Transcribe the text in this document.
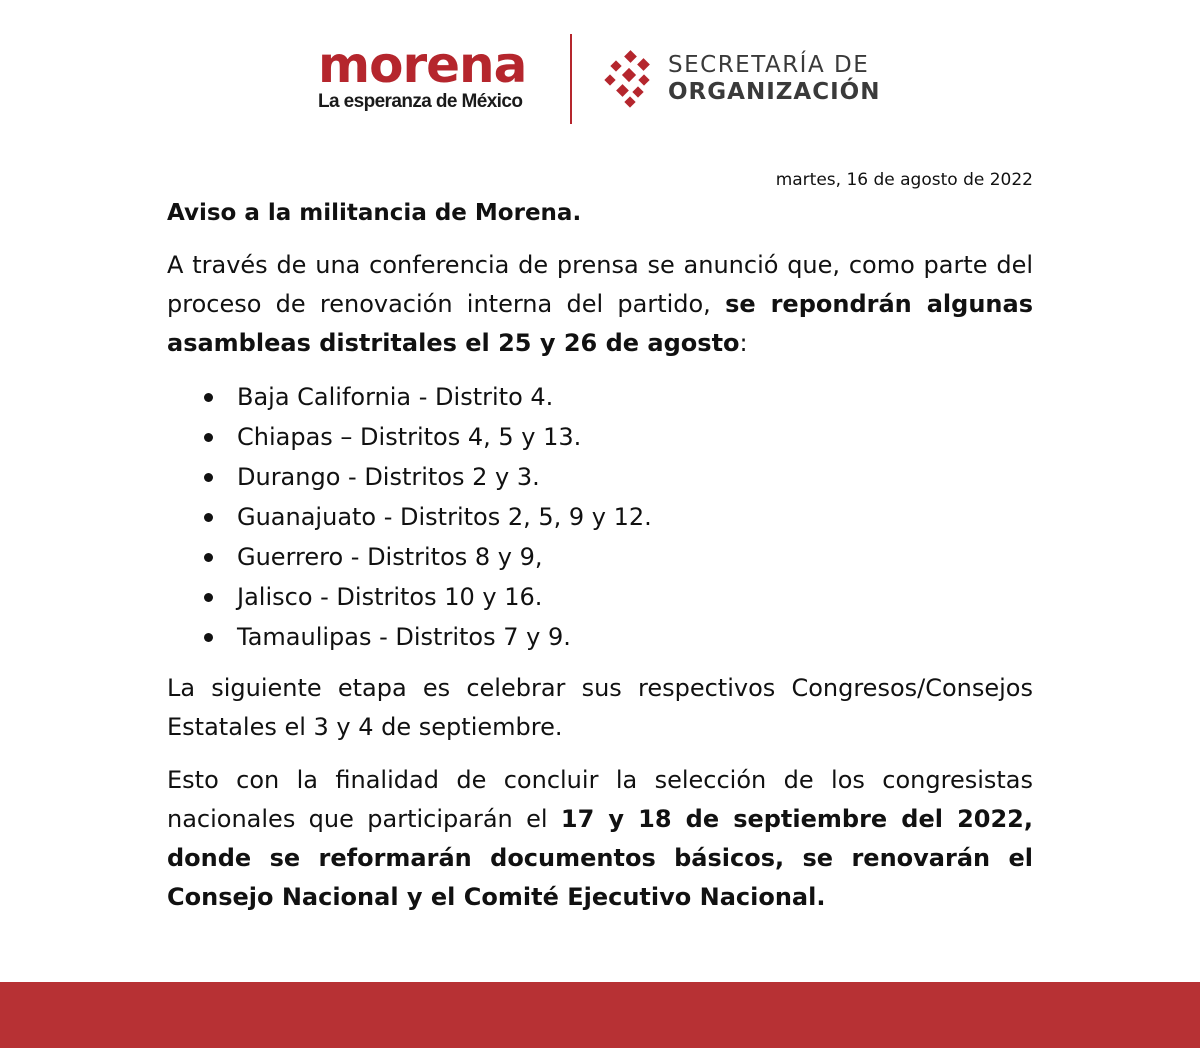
morena
La esperanza de México
SECRETARÍA DE
ORGANIZACIÓN

martes, 16 de agosto de 2022

Aviso a la militancia de Morena.

A través de una conferencia de prensa se anunció que, como parte del proceso de renovación interna del partido, se repondrán algunas asambleas distritales el 25 y 26 de agosto:

Baja California - Distrito 4.
Chiapas – Distritos 4, 5 y 13.
Durango - Distritos 2 y 3.
Guanajuato - Distritos 2, 5, 9 y 12.
Guerrero - Distritos 8 y 9,
Jalisco - Distritos 10 y 16.
Tamaulipas - Distritos 7 y 9.

La siguiente etapa es celebrar sus respectivos Congresos/Consejos Estatales el 3 y 4 de septiembre.

Esto con la finalidad de concluir la selección de los congresistas nacionales que participarán el 17 y 18 de septiembre del 2022, donde se reformarán documentos básicos, se renovarán el Consejo Nacional y el Comité Ejecutivo Nacional.
